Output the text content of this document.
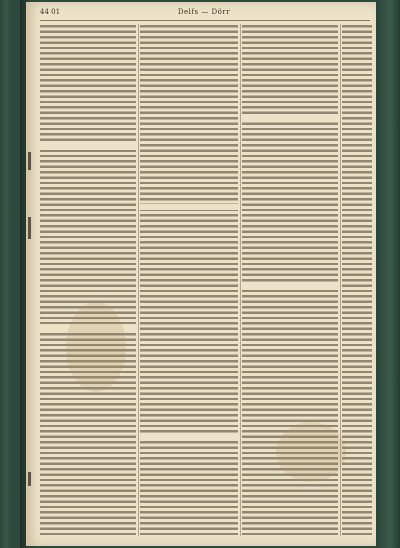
44 01	Delfs — Dörr
